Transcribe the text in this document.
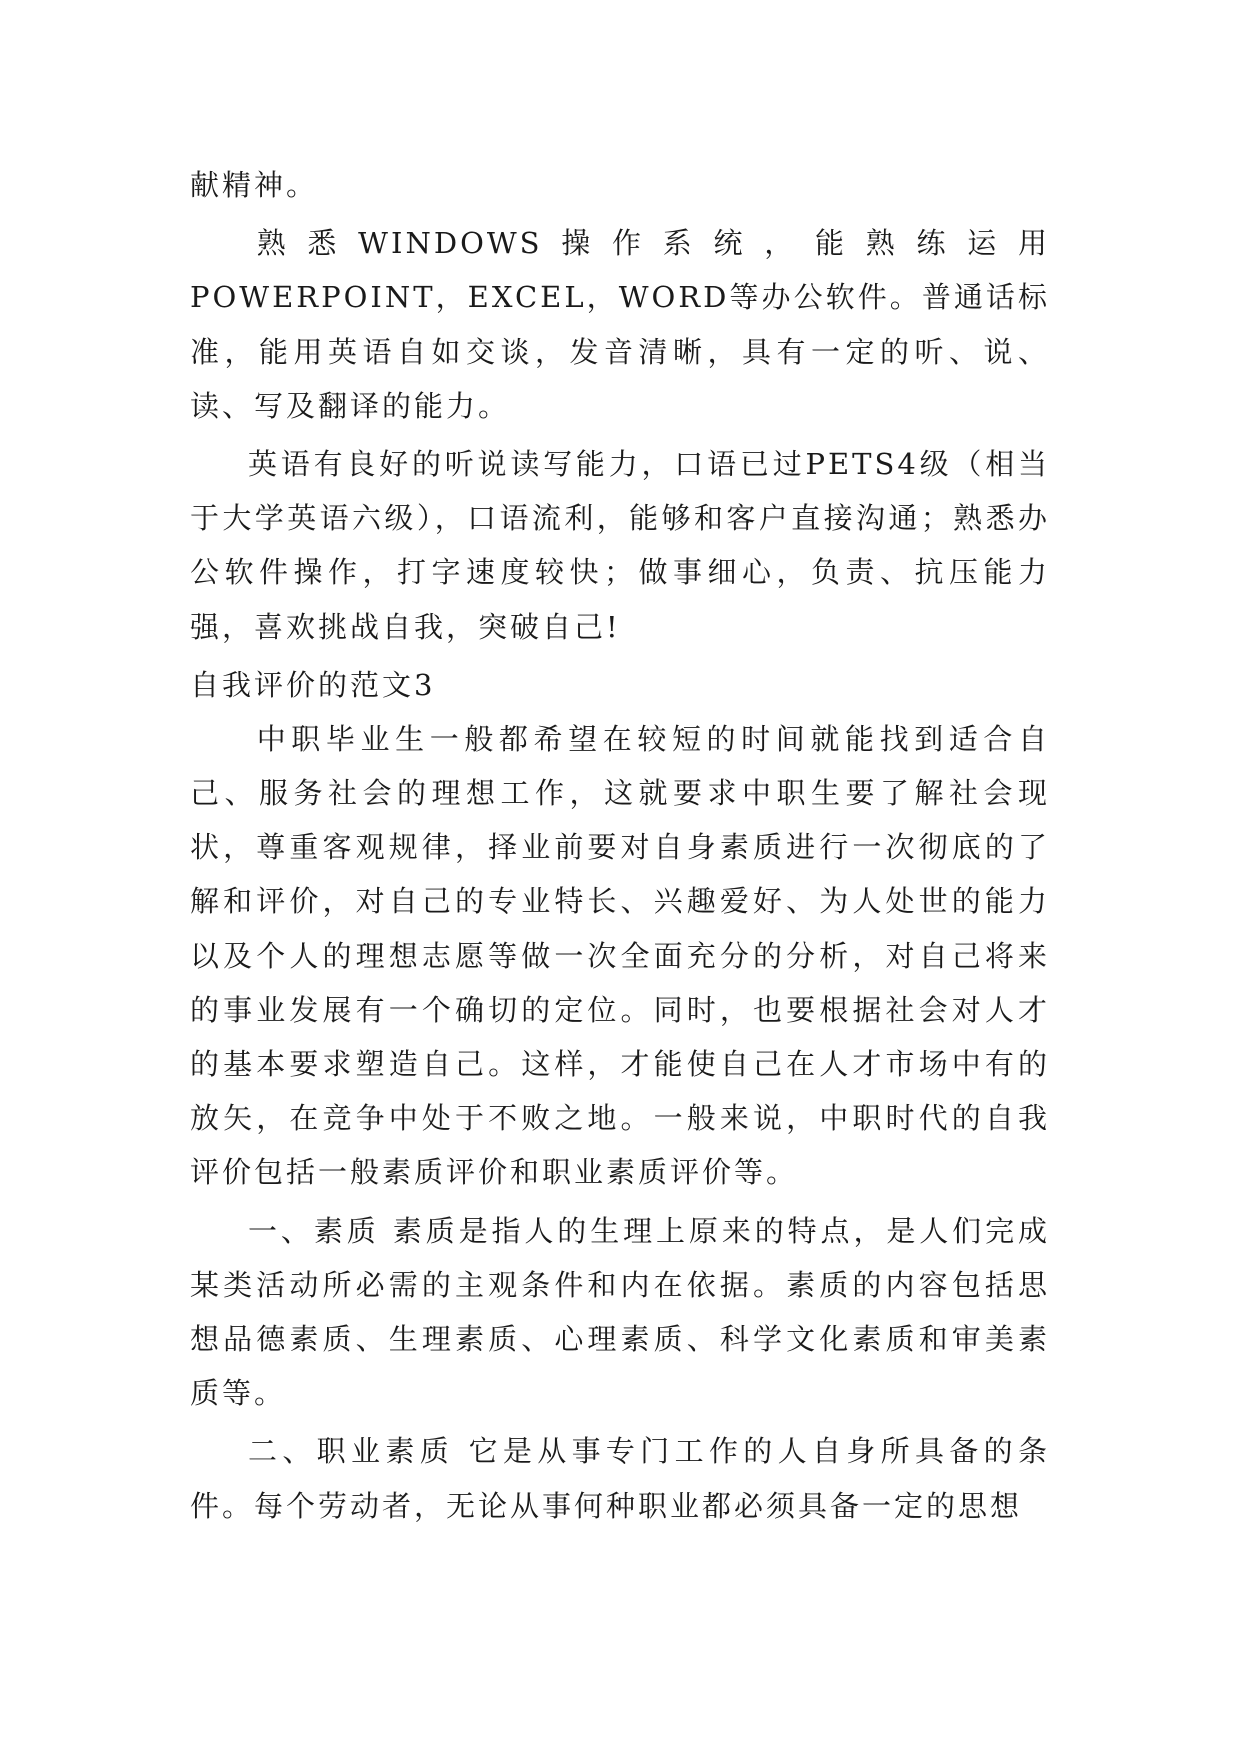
献精神。

熟悉WINDOWS操作系统，能熟练运用POWERPOINT，EXCEL，WORD等办公软件。普通话标准，能用英语自如交谈，发音清晰，具有一定的听、说、读、写及翻译的能力。

英语有良好的听说读写能力，口语已过PETS4级（相当于大学英语六级），口语流利，能够和客户直接沟通；熟悉办公软件操作，打字速度较快；做事细心，负责、抗压能力强，喜欢挑战自我，突破自己!

自我评价的范文3

中职毕业生一般都希望在较短的时间就能找到适合自己、服务社会的理想工作，这就要求中职生要了解社会现状，尊重客观规律，择业前要对自身素质进行一次彻底的了解和评价，对自己的专业特长、兴趣爱好、为人处世的能力以及个人的理想志愿等做一次全面充分的分析，对自己将来的事业发展有一个确切的定位。同时，也要根据社会对人才的基本要求塑造自己。这样，才能使自己在人才市场中有的放矢，在竞争中处于不败之地。一般来说，中职时代的自我评价包括一般素质评价和职业素质评价等。

一、素质 素质是指人的生理上原来的特点，是人们完成某类活动所必需的主观条件和内在依据。素质的内容包括思想品德素质、生理素质、心理素质、科学文化素质和审美素质等。

二、职业素质 它是从事专门工作的人自身所具备的条件。每个劳动者，无论从事何种职业都必须具备一定的思想
